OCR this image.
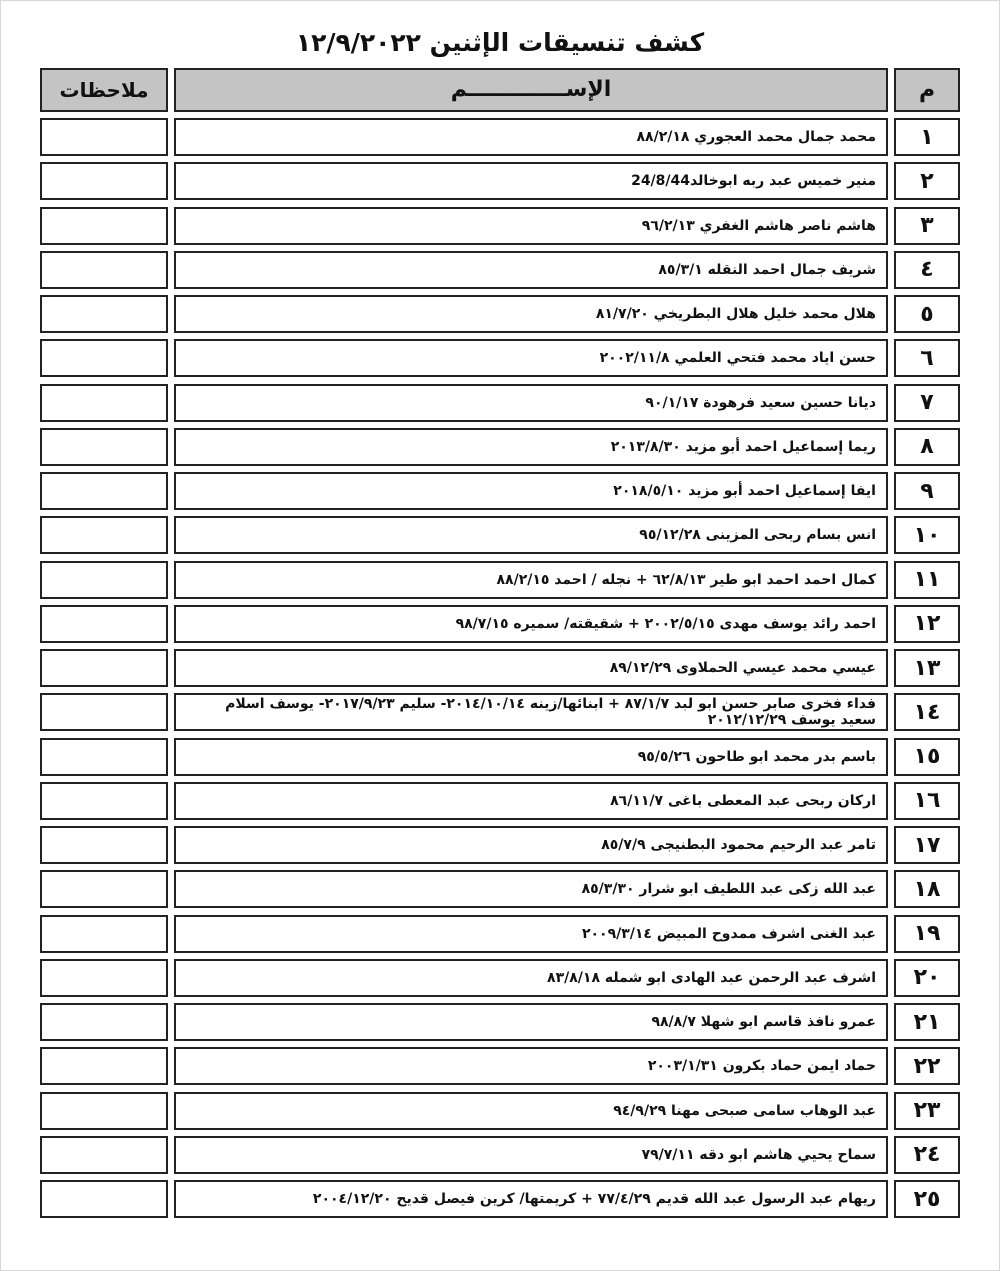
كشف تنسيقات الإثنين ١٢/٩/٢٠٢٢
م
الإســـــــــــــم
ملاحظات
١
محمد جمال محمد العجوري ٨٨/٢/١٨
٢
منير خميس عبد ربه ابوخالد24/8/44
٣
هاشم ناصر هاشم الغفري ٩٦/٢/١٣
٤
شريف جمال احمد النقله ٨٥/٣/١
٥
هلال محمد خليل هلال البطريخي ٨١/٧/٢٠
٦
حسن اياد محمد فتحي العلمي ٢٠٠٢/١١/٨
٧
ديانا حسين سعيد فرهودة ٩٠/١/١٧
٨
ريما إسماعيل احمد أبو مزيد ٢٠١٣/٨/٣٠
٩
ايفا إسماعيل احمد أبو مزيد ٢٠١٨/٥/١٠
١٠
انس بسام ربحى المزينى ٩٥/١٢/٢٨
١١
كمال احمد احمد ابو طير ٦٢/٨/١٣ + نجله / احمد ٨٨/٢/١٥
١٢
احمد رائد يوسف مهدى ٢٠٠٢/٥/١٥ + شقيقته/ سميره ٩٨/٧/١٥
١٣
عيسي محمد عيسي الحملاوى ٨٩/١٢/٢٩
١٤
فداء فخرى صابر حسن ابو لبد ٨٧/١/٧ + ابنائها/زينه ٢٠١٤/١٠/١٤- سليم ٢٠١٧/٩/٢٣- يوسف اسلام سعيد يوسف ٢٠١٢/١٢/٢٩
١٥
باسم بدر محمد ابو طاحون ٩٥/٥/٢٦
١٦
اركان ربحى عبد المعطى باغى ٨٦/١١/٧
١٧
تامر عبد الرحيم محمود البطنيجى ٨٥/٧/٩
١٨
عبد الله زكى عبد اللطيف ابو شرار ٨٥/٣/٣٠
١٩
عبد الغنى اشرف ممدوح المبيض ٢٠٠٩/٣/١٤
٢٠
اشرف عبد الرحمن عبد الهادى ابو شمله ٨٣/٨/١٨
٢١
عمرو نافذ قاسم ابو شهلا ٩٨/٨/٧
٢٢
حماد ايمن حماد بكرون ٢٠٠٣/١/٣١
٢٣
عبد الوهاب سامى صبحى مهنا ٩٤/٩/٢٩
٢٤
سماح يحيي هاشم ابو دقه ٧٩/٧/١١
٢٥
ريهام عبد الرسول عبد الله قديم ٧٧/٤/٢٩ + كريمتها/ كرين فيصل قديح ٢٠٠٤/١٢/٢٠
